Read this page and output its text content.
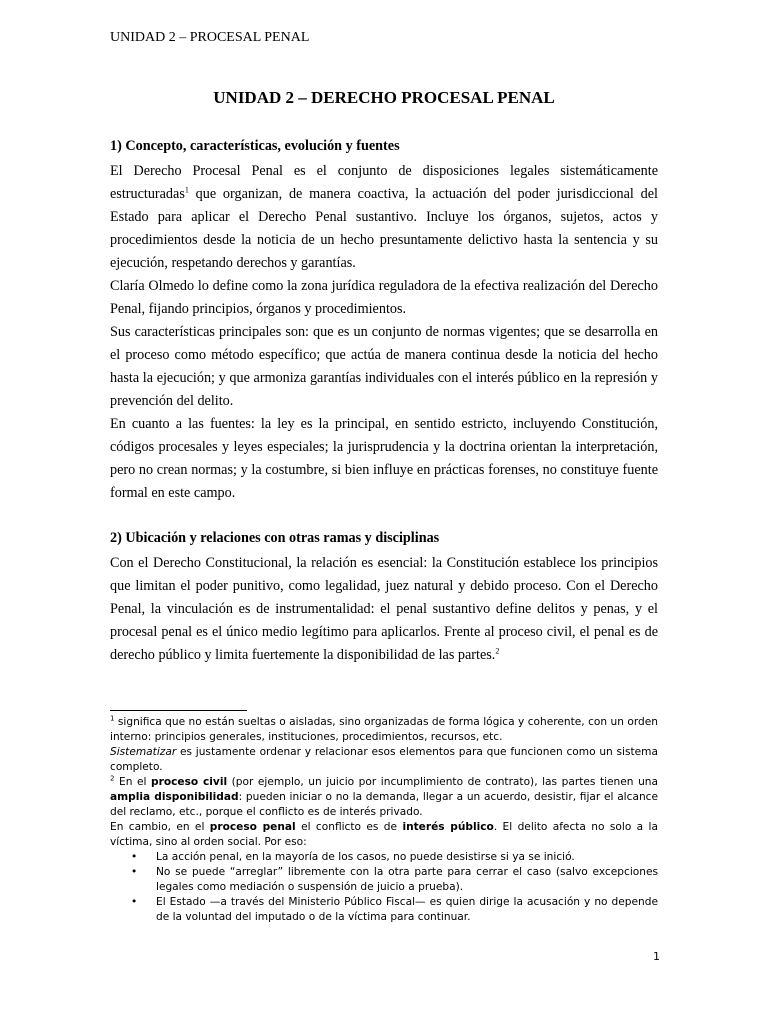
UNIDAD 2 – PROCESAL PENAL
UNIDAD 2 – DERECHO PROCESAL PENAL

1) Concepto, características, evolución y fuentes

El Derecho Procesal Penal es el conjunto de disposiciones legales sistemáticamente estructuradas$^1$ que organizan, de manera coactiva, la actuación del poder jurisdiccional del Estado para aplicar el Derecho Penal sustantivo. Incluye los órganos, sujetos, actos y procedimientos desde la noticia de un hecho presuntamente delictivo hasta la sentencia y su ejecución, respetando derechos y garantías.

Claría Olmedo lo define como la zona jurídica reguladora de la efectiva realización del Derecho Penal, fijando principios, órganos y procedimientos.

Sus características principales son: que es un conjunto de normas vigentes; que se desarrolla en el proceso como método específico; que actúa de manera continua desde la noticia del hecho hasta la ejecución; y que armoniza garantías individuales con el interés público en la represión y prevención del delito.

En cuanto a las fuentes: la ley es la principal, en sentido estricto, incluyendo Constitución, códigos procesales y leyes especiales; la jurisprudencia y la doctrina orientan la interpretación, pero no crean normas; y la costumbre, si bien influye en prácticas forenses, no constituye fuente formal en este campo.

2) Ubicación y relaciones con otras ramas y disciplinas

Con el Derecho Constitucional, la relación es esencial: la Constitución establece los principios que limitan el poder punitivo, como legalidad, juez natural y debido proceso. Con el Derecho Penal, la vinculación es de instrumentalidad: el penal sustantivo define delitos y penas, y el procesal penal es el único medio legítimo para aplicarlos. Frente al proceso civil, el penal es de derecho público y limita fuertemente la disponibilidad de las partes.$^2$

$^1$ significa que no están sueltas o aisladas, sino organizadas de forma lógica y coherente, con un orden interno: principios generales, instituciones, procedimientos, recursos, etc.

Sistematizar es justamente ordenar y relacionar esos elementos para que funcionen como un sistema completo.

$^2$ En el proceso civil (por ejemplo, un juicio por incumplimiento de contrato), las partes tienen una amplia disponibilidad: pueden iniciar o no la demanda, llegar a un acuerdo, desistir, fijar el alcance del reclamo, etc., porque el conflicto es de interés privado.

En cambio, en el proceso penal el conflicto es de interés público. El delito afecta no solo a la víctima, sino al orden social. Por eso:

• La acción penal, en la mayoría de los casos, no puede desistirse si ya se inició.
• No se puede “arreglar” libremente con la otra parte para cerrar el caso (salvo excepciones legales como mediación o suspensión de juicio a prueba).
• El Estado —a través del Ministerio Público Fiscal— es quien dirige la acusación y no depende de la voluntad del imputado o de la víctima para continuar.
1
